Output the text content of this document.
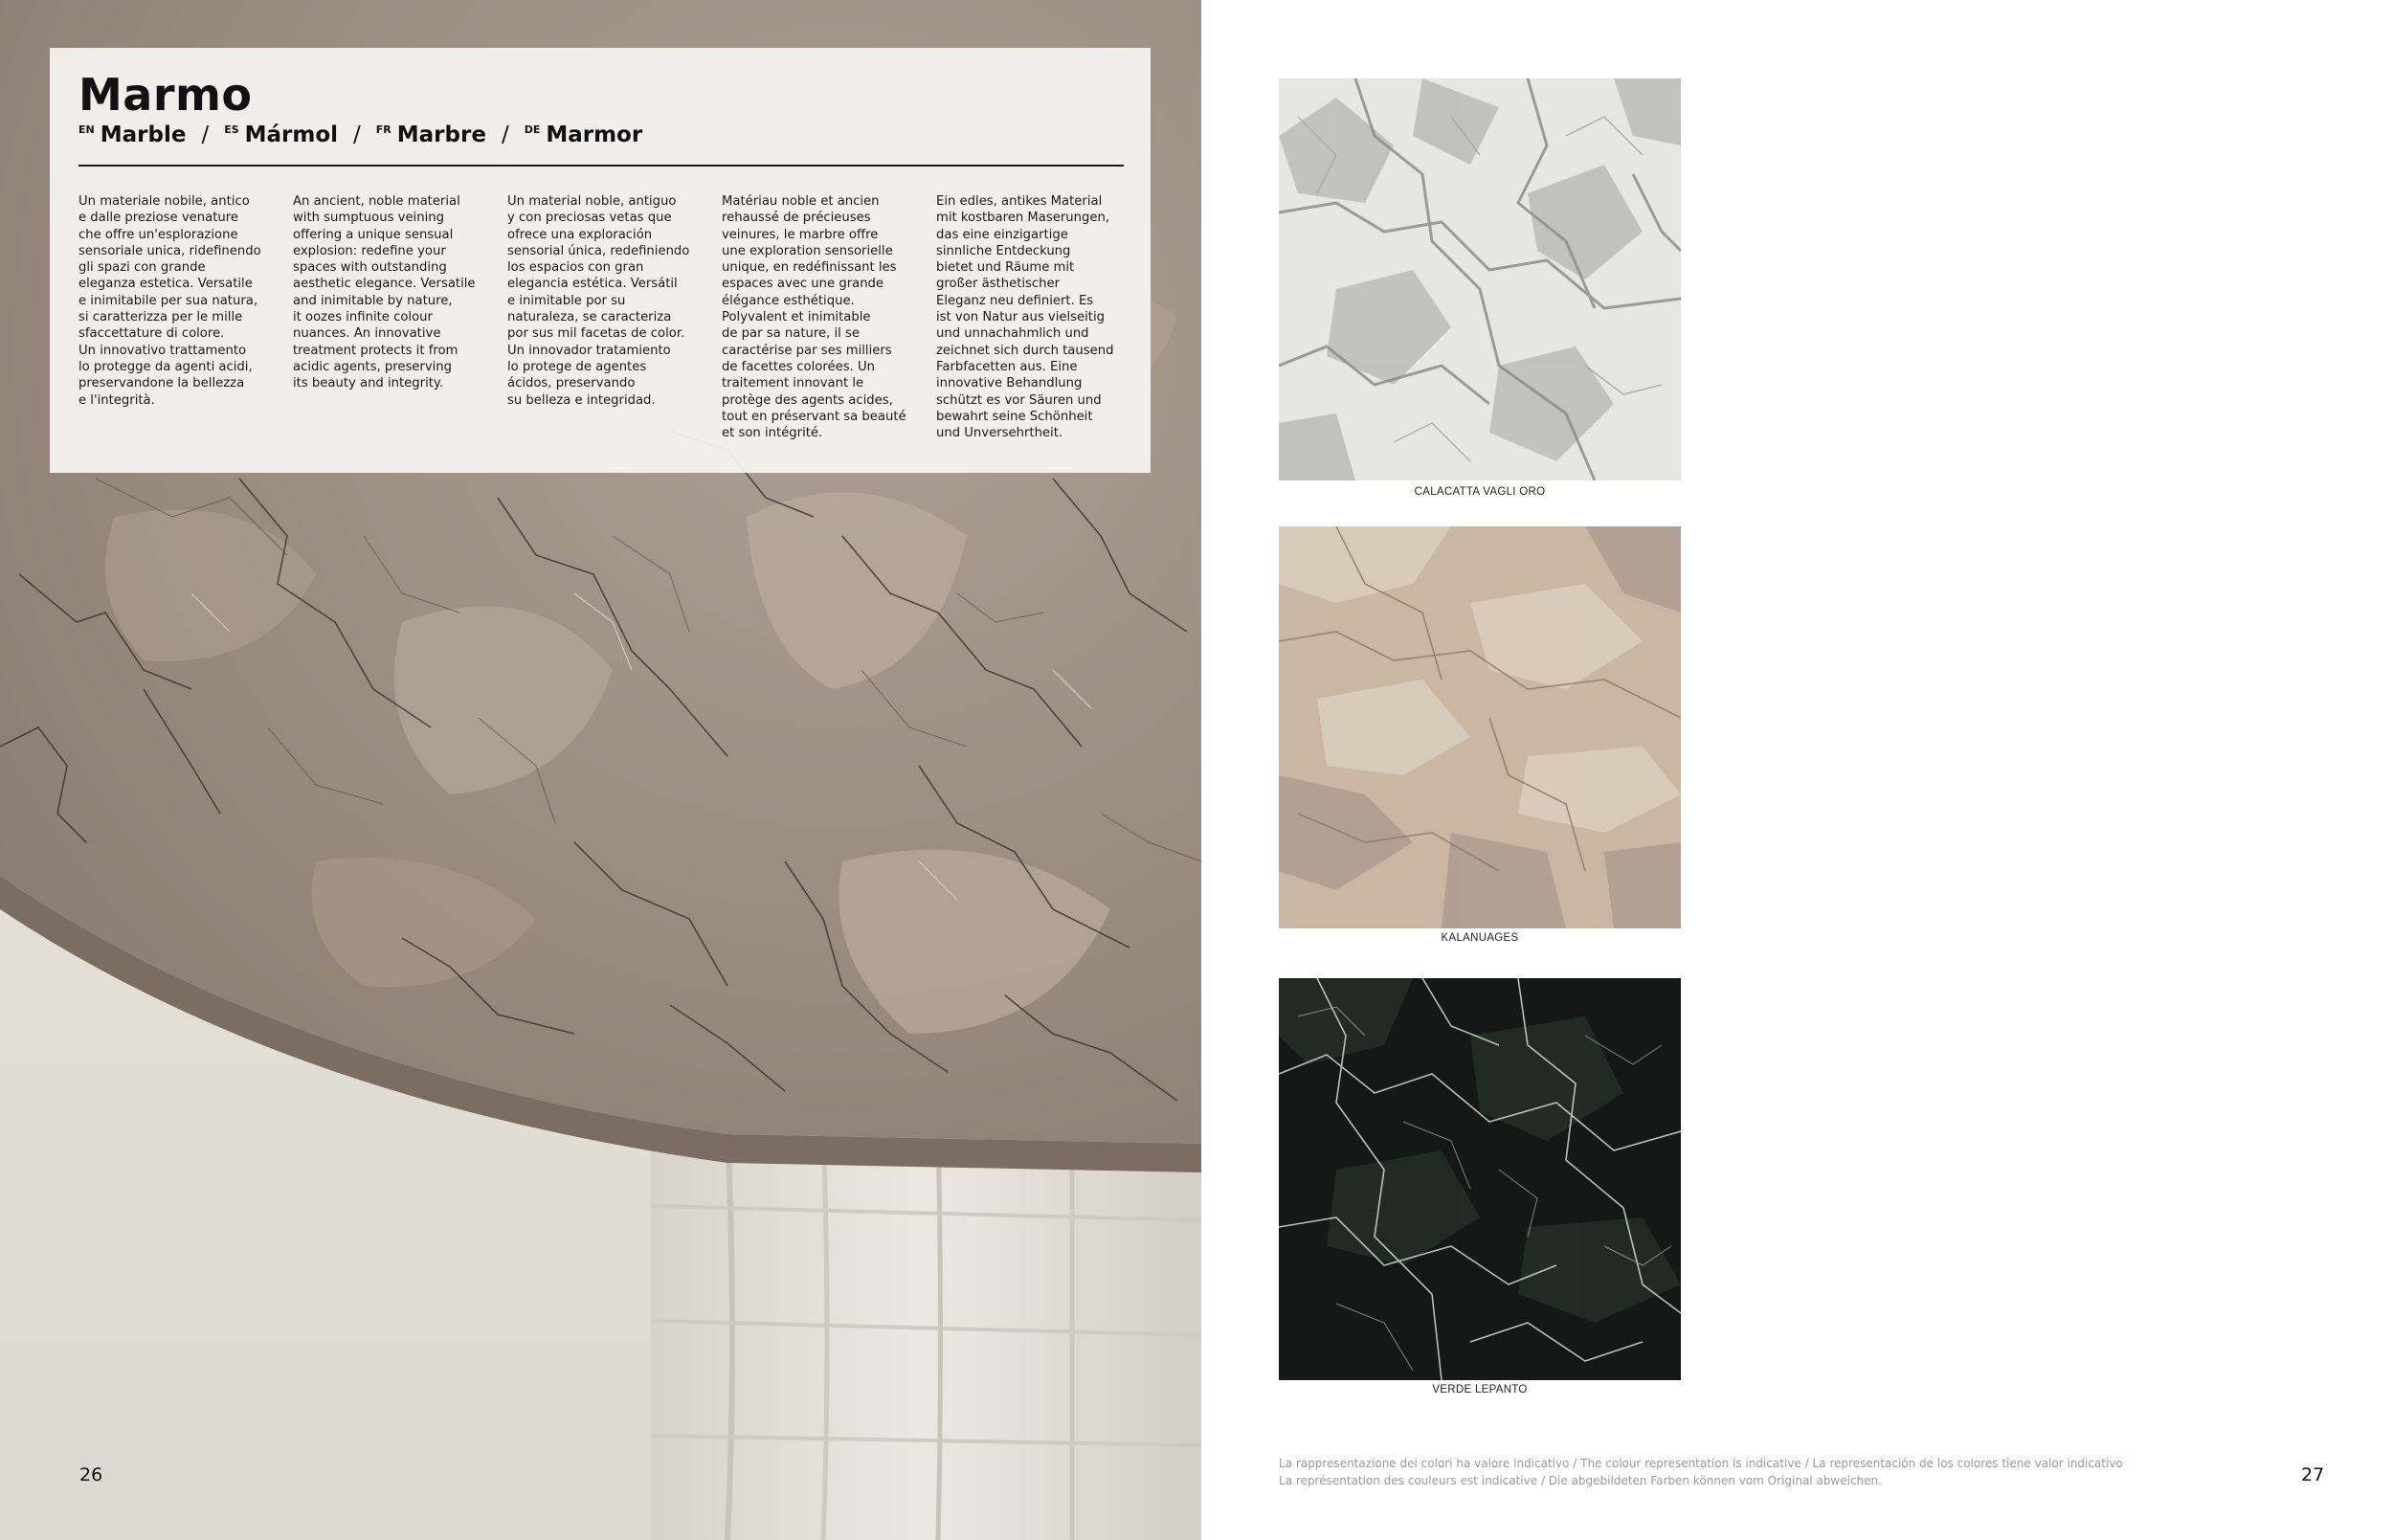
Marmo
EN Marble / ES Mármol / FR Marbre / DE Marmor
Un materiale nobile, antico
e dalle preziose venature
che offre un'esplorazione
sensoriale unica, ridefinendo
gli spazi con grande
eleganza estetica. Versatile
e inimitabile per sua natura,
si caratterizza per le mille
sfaccettature di colore.
Un innovativo trattamento
lo protegge da agenti acidi,
preservandone la bellezza
e l'integrità.
An ancient, noble material
with sumptuous veining
offering a unique sensual
explosion: redefine your
spaces with outstanding
aesthetic elegance. Versatile
and inimitable by nature,
it oozes infinite colour
nuances. An innovative
treatment protects it from
acidic agents, preserving
its beauty and integrity.
Un material noble, antiguo
y con preciosas vetas que
ofrece una exploración
sensorial única, redefiniendo
los espacios con gran
elegancia estética. Versátil
e inimitable por su
naturaleza, se caracteriza
por sus mil facetas de color.
Un innovador tratamiento
lo protege de agentes
ácidos, preservando
su belleza e integridad.
Matériau noble et ancien
rehaussé de précieuses
veinures, le marbre offre
une exploration sensorielle
unique, en redéfinissant les
espaces avec une grande
élégance esthétique.
Polyvalent et inimitable
de par sa nature, il se
caractérise par ses milliers
de facettes colorées. Un
traitement innovant le
protège des agents acides,
tout en préservant sa beauté
et son intégrité.
Ein edles, antikes Material
mit kostbaren Maserungen,
das eine einzigartige
sinnliche Entdeckung
bietet und Räume mit
großer ästhetischer
Eleganz neu definiert. Es
ist von Natur aus vielseitig
und unnachahmlich und
zeichnet sich durch tausend
Farbfacetten aus. Eine
innovative Behandlung
schützt es vor Säuren und
bewahrt seine Schönheit
und Unversehrtheit.
26
CALACATTA VAGLI ORO
KALANUAGES
VERDE LEPANTO
La rappresentazione dei colori ha valore indicativo / The colour representation is indicative / La representación de los colores tiene valor indicativo
La représentation des couleurs est indicative / Die abgebildeten Farben können vom Original abweichen.	27
